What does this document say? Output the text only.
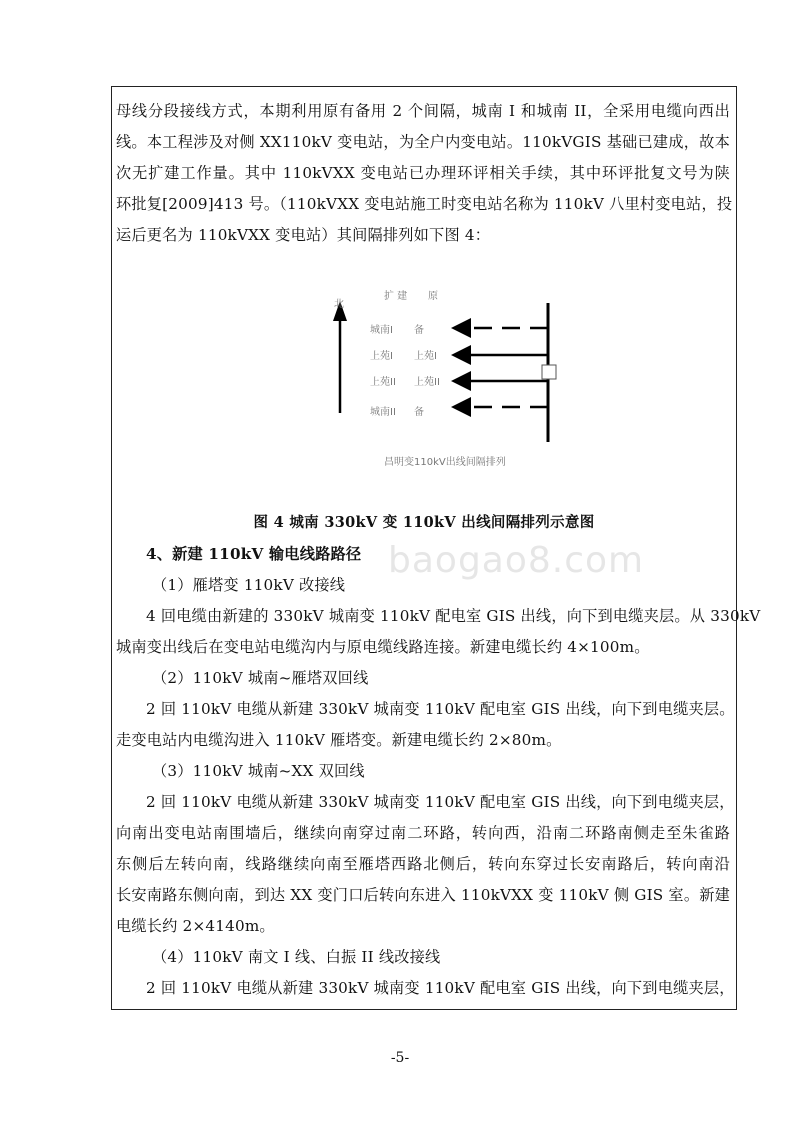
母线分段接线方式，本期利用原有备用 2 个间隔，城南 I 和城南 II，全采用电缆向西出
线。本工程涉及对侧 XX110kV 变电站，为全户内变电站。110kVGIS 基础已建成，故本
次无扩建工作量。其中 110kVXX 变电站已办理环评相关手续，其中环评批复文号为陕
环批复[2009]413 号。（110kVXX 变电站施工时变电站名称为 110kV 八里村变电站，投
运后更名为 110kVXX 变电站）其间隔排列如下图 4：
北
扩 建 原
城南I 备
上苑I 上苑I
上苑II 上苑II
城南II 备
昌明变110kV出线间隔排列
图 4 城南 330kV 变 110kV 出线间隔排列示意图
4、新建 110kV 输电线路路径
（1）雁塔变 110kV 改接线
4 回电缆由新建的 330kV 城南变 110kV 配电室 GIS 出线，向下到电缆夹层。从 330kV
城南变出线后在变电站电缆沟内与原电缆线路连接。新建电缆长约 4×100m。
（2）110kV 城南~雁塔双回线
2 回 110kV 电缆从新建 330kV 城南变 110kV 配电室 GIS 出线，向下到电缆夹层。
走变电站内电缆沟进入 110kV 雁塔变。新建电缆长约 2×80m。
（3）110kV 城南~XX 双回线
2 回 110kV 电缆从新建 330kV 城南变 110kV 配电室 GIS 出线，向下到电缆夹层，
向南出变电站南围墙后，继续向南穿过南二环路，转向西，沿南二环路南侧走至朱雀路
东侧后左转向南，线路继续向南至雁塔西路北侧后，转向东穿过长安南路后，转向南沿
长安南路东侧向南，到达 XX 变门口后转向东进入 110kVXX 变 110kV 侧 GIS 室。新建
电缆长约 2×4140m。
（4）110kV 南文 I 线、白振 II 线改接线
2 回 110kV 电缆从新建 330kV 城南变 110kV 配电室 GIS 出线，向下到电缆夹层，
baogao8.com
-5-
